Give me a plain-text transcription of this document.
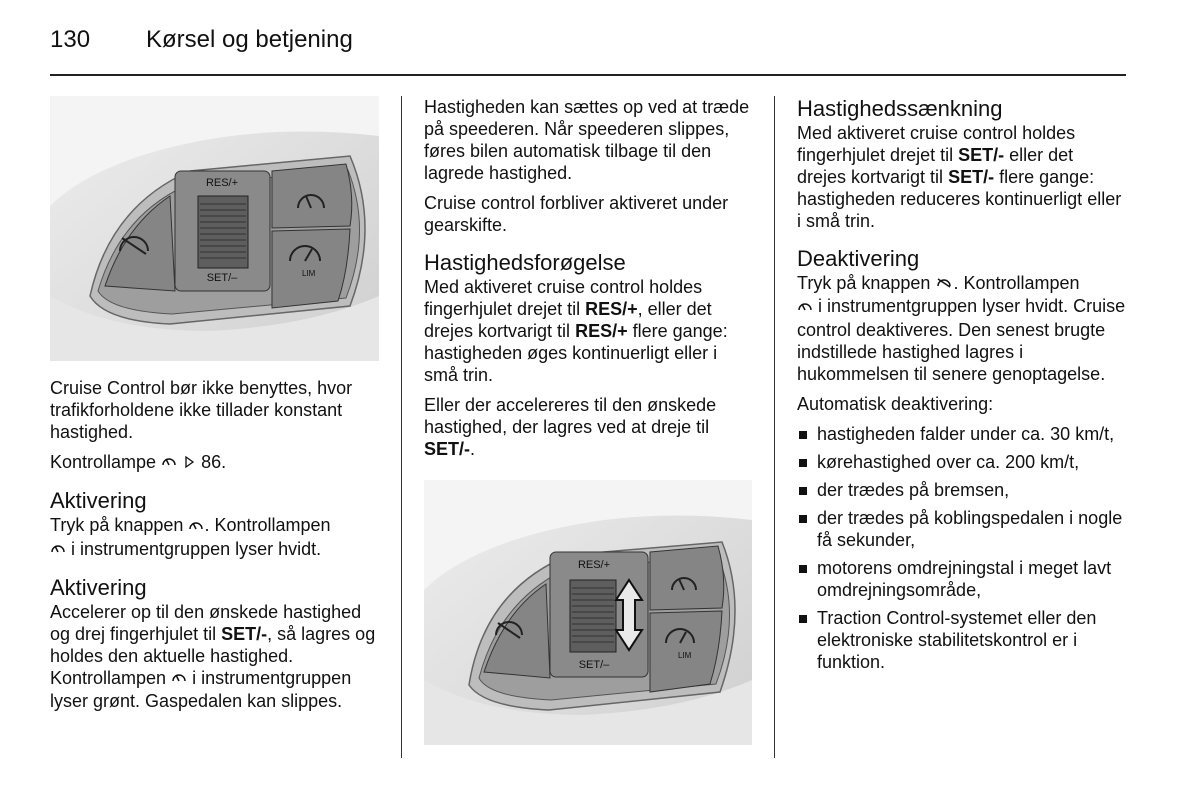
130 Kørsel og betjening
RES/+
SET/–	LIM

Cruise Control bør ikke benyttes, hvor trafikforholdene ikke tillader konstant hastighed.

Kontrollampe	86.

Aktivering

Tryk på knappen . Kontrollampen
i instrumentgruppen lyser hvidt.

Aktivering

Accelerer op til den ønskede hastighed og drej fingerhjulet til SET/-, så lagres og holdes den aktuelle hastighed. Kontrollampen i instrumentgruppen lyser grønt. Gaspedalen kan slippes.

Hastigheden kan sættes op ved at træde på speederen. Når speederen slippes, føres bilen automatisk tilbage til den lagrede hastighed.

Cruise control forbliver aktiveret under gearskifte.

Hastighedsforøgelse

Med aktiveret cruise control holdes fingerhjulet drejet til RES/+, eller det drejes kortvarigt til RES/+ flere gange: hastigheden øges kontinuerligt eller i små trin.

Eller der accelereres til den ønskede hastighed, der lagres ved at dreje til SET/-.

RES/+
SET/–
LIM
Hastighedssænkning

Med aktiveret cruise control holdes fingerhjulet drejet til SET/- eller det drejes kortvarigt til SET/- flere gange: hastigheden reduceres kontinuerligt eller i små trin.

Deaktivering

Tryk på knappen . Kontrollampen
i instrumentgruppen lyser hvidt. Cruise control deaktiveres. Den senest brugte indstillede hastighed lagres i hukommelsen til senere genoptagelse.

Automatisk deaktivering:

hastigheden falder under ca. 30 km/t,
kørehastighed over ca. 200 km/t,
der trædes på bremsen,
der trædes på koblingspedalen i nogle få sekunder,
motorens omdrejningstal i meget lavt omdrejningsområde,
Traction Control-systemet eller den elektroniske stabilitetskontrol er i funktion.
